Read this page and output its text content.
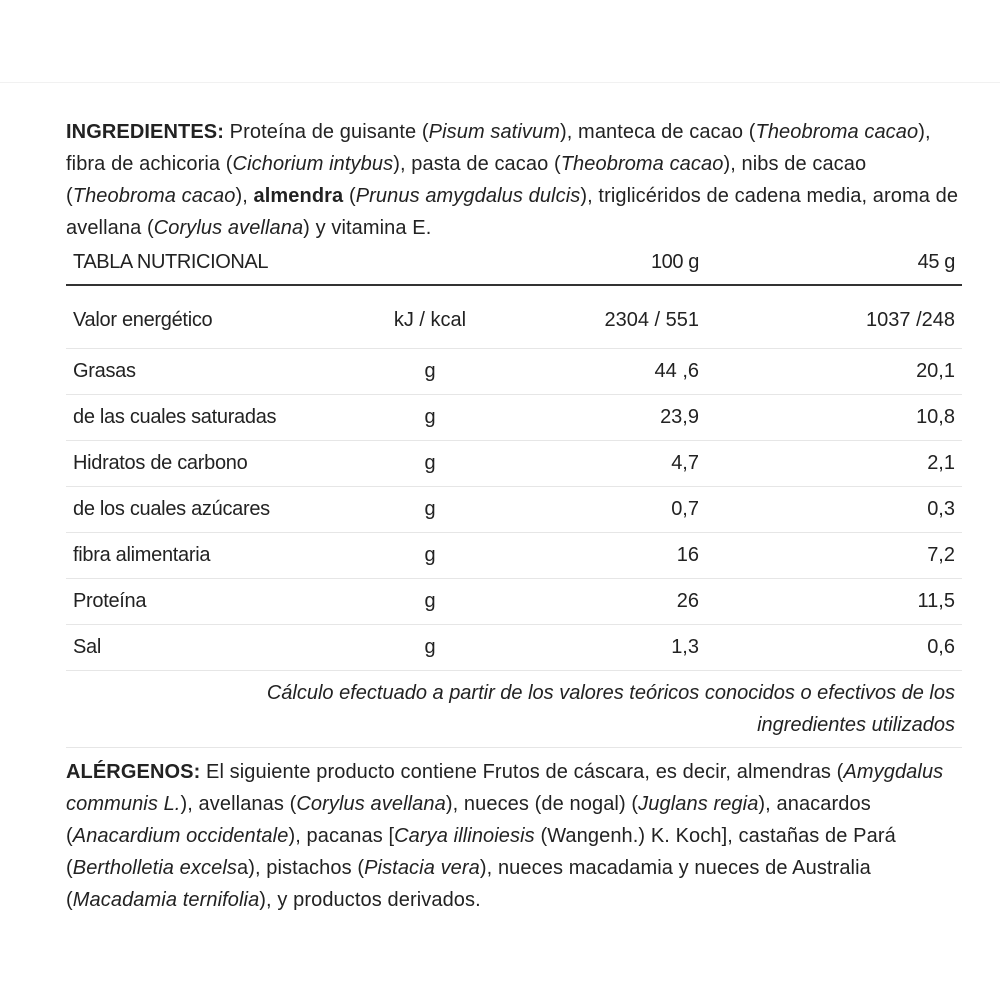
INGREDIENTES: Proteína de guisante (Pisum sativum), manteca de cacao (Theobroma cacao), fibra de achicoria (Cichorium intybus), pasta de cacao (Theobroma cacao), nibs de cacao (Theobroma cacao), almendra (Prunus amygdalus dulcis), triglicéridos de cadena media, aroma de avellana (Corylus avellana) y vitamina E.

TABLA NUTRICIONAL		100 g	45 g
Valor energético	kJ / kcal	2304 / 551	1037 /248
Grasas	g	44 ,6	20,1
de las cuales saturadas	g	23,9	10,8
Hidratos de carbono	g	4,7	2,1
de los cuales azúcares	g	0,7	0,3
fibra alimentaria	g	16	7,2
Proteína	g	26	11,5
Sal	g	1,3	0,6
Cálculo efectuado a partir de los valores teóricos conocidos o efectivos de los
ingredientes utilizados			

ALÉRGENOS: El siguiente producto contiene Frutos de cáscara, es decir, almendras (Amygdalus communis L.), avellanas (Corylus avellana), nueces (de nogal) (Juglans regia), anacardos (Anacardium occidentale), pacanas [Carya illinoiesis (Wangenh.) K. Koch], castañas de Pará (Bertholletia excelsa), pistachos (Pistacia vera), nueces macadamia y nueces de Australia (Macadamia ternifolia), y productos derivados.
